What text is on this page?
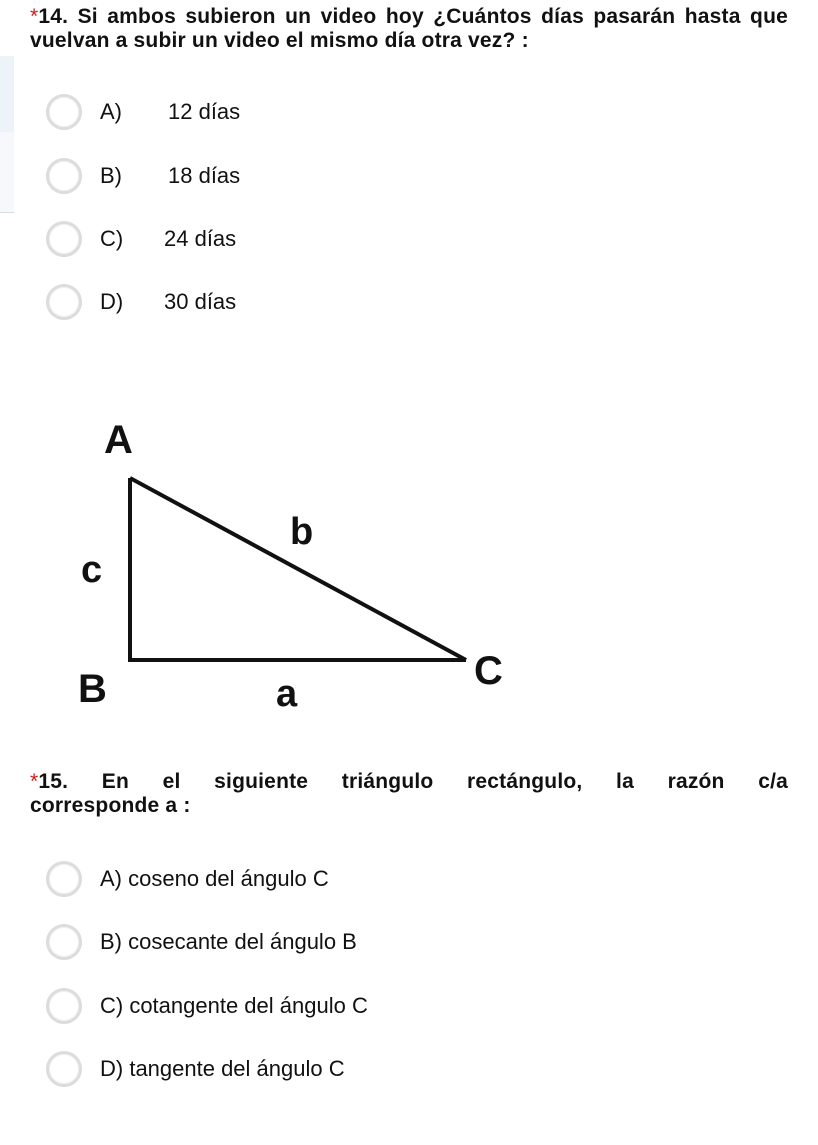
*14. Si ambos subieron un video hoy ¿Cuántos días pasarán hasta que vuelvan a subir un video el mismo día otra vez? :
A)	12 días
B)	18 días
C)	24 días
D)	30 días
A
B	C
a
b
c
*15. En el siguiente triángulo rectángulo, la razón c/a
corresponde a :
A) coseno del ángulo C
B) cosecante del ángulo B
C) cotangente del ángulo C
D) tangente del ángulo C
